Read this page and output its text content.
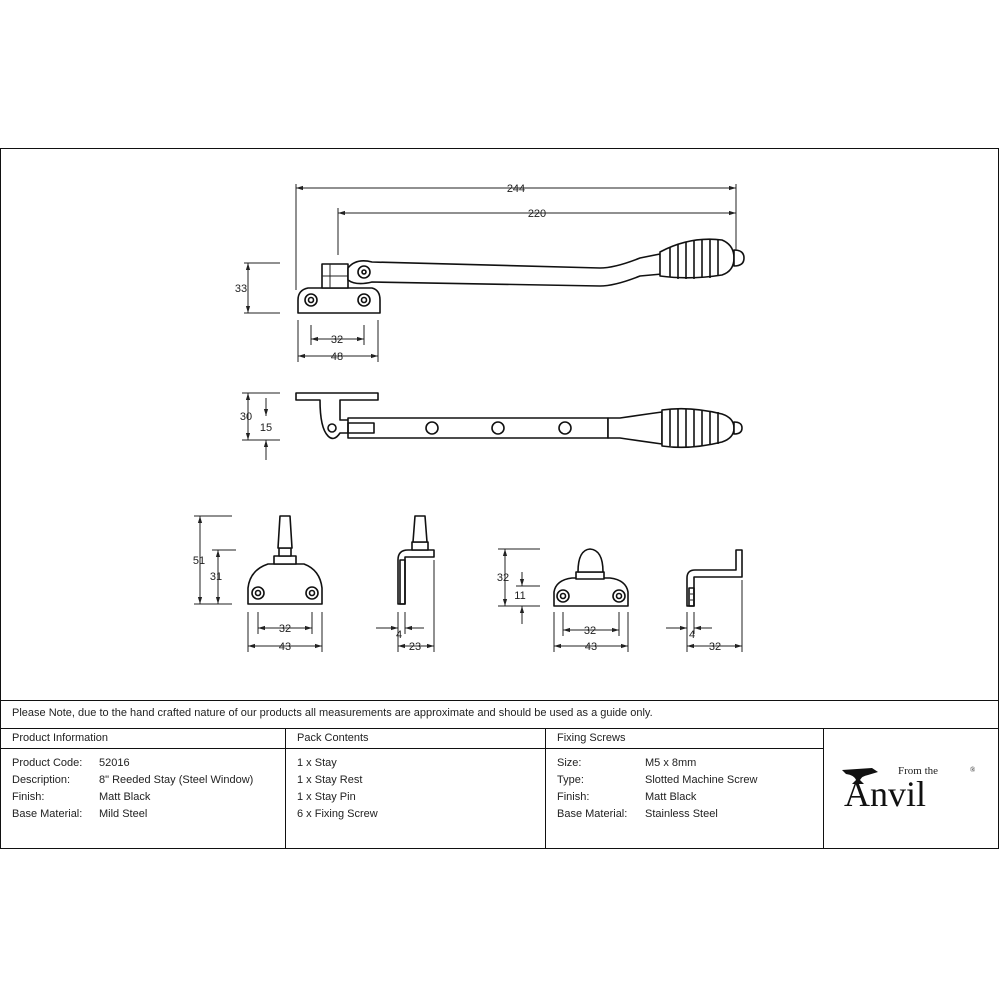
244
220
33
32
48
30
15
51
31
32
43
4
23
32
11
32
43
4
32
Please Note, due to the hand crafted nature of our products all measurements are approximate and should be used as a guide only.
Product Information
Product Code: 52016
Description:	8" Reeded Stay (Steel Window)
Finish:	Matt Black
Base Material: Mild Steel
Pack Contents
1 x Stay
1 x Stay Rest
1 x Stay Pin
6 x Fixing Screw
Fixing Screws
Size:	M5 x 8mm
Type:	Slotted Machine Screw
Finish:	Matt Black
Base Material: Stainless Steel
From the
Anvil
®
